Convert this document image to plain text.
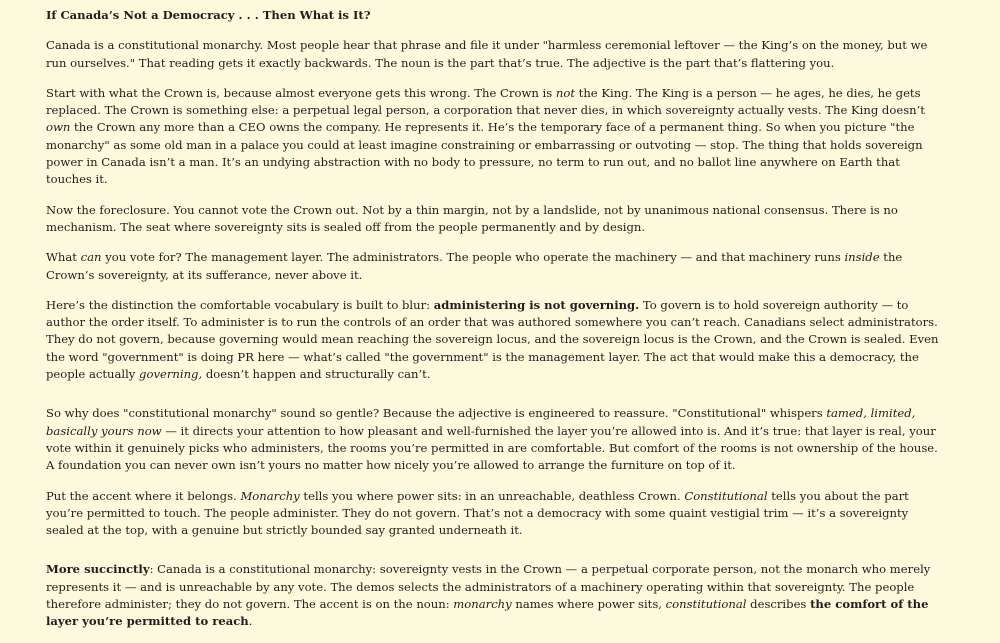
If Canada’s Not a Democracy . . . Then What is It?

Canada is a constitutional monarchy. Most people hear that phrase and file it under "harmless ceremonial leftover — the King’s on the money, but we run ourselves." That reading gets it exactly backwards. The noun is the part that’s true. The adjective is the part that’s flattering you.

Start with what the Crown is, because almost everyone gets this wrong. The Crown is not the King. The King is a person — he ages, he dies, he gets replaced. The Crown is something else: a perpetual legal person, a corporation that never dies, in which sovereignty actually vests. The King doesn’t own the Crown any more than a CEO owns the company. He represents it. He’s the temporary face of a permanent thing. So when you picture "the monarchy" as some old man in a palace you could at least imagine constraining or embarrassing or outvoting — stop. The thing that holds sovereign power in Canada isn’t a man. It’s an undying abstraction with no body to pressure, no term to run out, and no ballot line anywhere on Earth that touches it.

Now the foreclosure. You cannot vote the Crown out. Not by a thin margin, not by a landslide, not by unanimous national consensus. There is no mechanism. The seat where sovereignty sits is sealed off from the people permanently and by design.

What can you vote for? The management layer. The administrators. The people who operate the machinery — and that machinery runs inside the Crown’s sovereignty, at its sufferance, never above it.

Here’s the distinction the comfortable vocabulary is built to blur: administering is not governing. To govern is to hold sovereign authority — to author the order itself. To administer is to run the controls of an order that was authored somewhere you can’t reach. Canadians select administrators. They do not govern, because governing would mean reaching the sovereign locus, and the sovereign locus is the Crown, and the Crown is sealed. Even the word "government" is doing PR here — what’s called "the government" is the management layer. The act that would make this a democracy, the people actually governing, doesn’t happen and structurally can’t.

So why does "constitutional monarchy" sound so gentle? Because the adjective is engineered to reassure. "Constitutional" whispers tamed, limited, basically yours now — it directs your attention to how pleasant and well-furnished the layer you’re allowed into is. And it’s true: that layer is real, your vote within it genuinely picks who administers, the rooms you’re permitted in are comfortable. But comfort of the rooms is not ownership of the house. A foundation you can never own isn’t yours no matter how nicely you’re allowed to arrange the furniture on top of it.

Put the accent where it belongs. Monarchy tells you where power sits: in an unreachable, deathless Crown. Constitutional tells you about the part you’re permitted to touch. The people administer. They do not govern. That’s not a democracy with some quaint vestigial trim — it’s a sovereignty sealed at the top, with a genuine but strictly bounded say granted underneath it.

More succinctly: Canada is a constitutional monarchy: sovereignty vests in the Crown — a perpetual corporate person, not the monarch who merely represents it — and is unreachable by any vote. The demos selects the administrators of a machinery operating within that sovereignty. The people therefore administer; they do not govern. The accent is on the noun: monarchy names where power sits, constitutional describes the comfort of the layer you’re permitted to reach.
